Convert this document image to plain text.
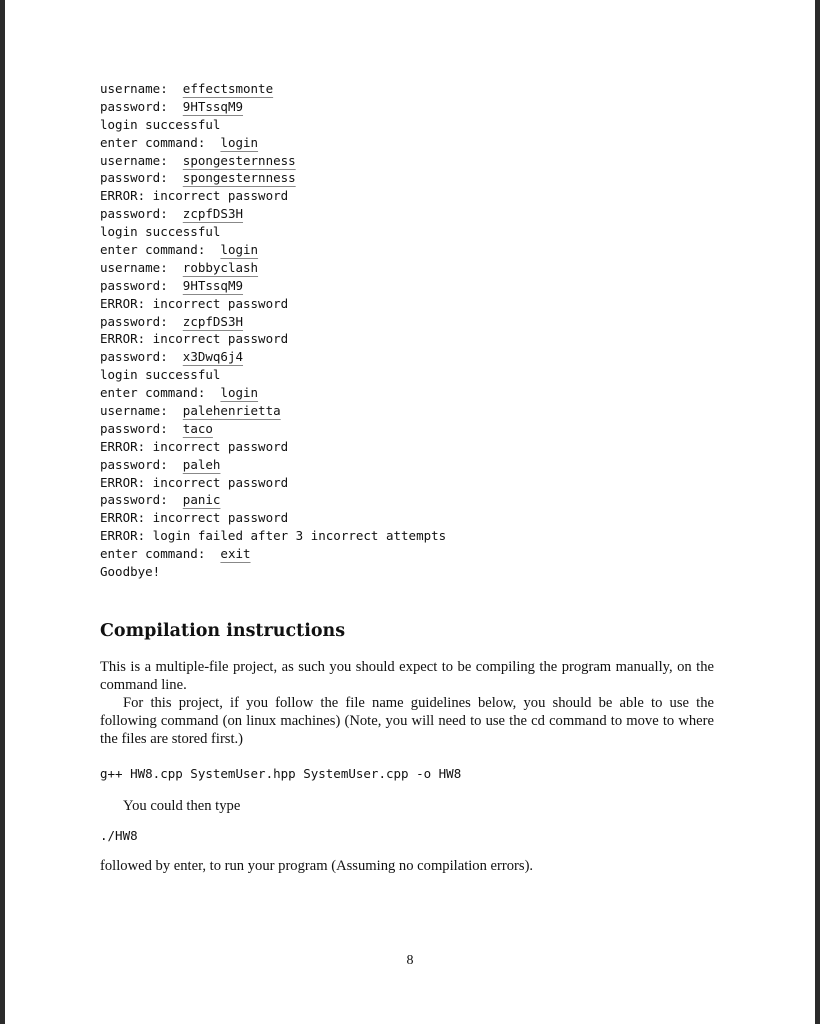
username:  effectsmonte
password:  9HTssqM9
login successful
enter command:  login
username:  spongesternness
password:  spongesternness
ERROR: incorrect password
password:  zcpfDS3H
login successful
enter command:  login
username:  robbyclash
password:  9HTssqM9
ERROR: incorrect password
password:  zcpfDS3H
ERROR: incorrect password
password:  x3Dwq6j4
login successful
enter command:  login
username:  palehenrietta
password:  taco
ERROR: incorrect password
password:  paleh
ERROR: incorrect password
password:  panic
ERROR: incorrect password
ERROR: login failed after 3 incorrect attempts
enter command:  exit
Goodbye!
Compilation instructions

This is a multiple-file project, as such you should expect to be compiling the program manually, on the command line.

For this project, if you follow the file name guidelines below, you should be able to use the following command (on linux machines) (Note, you will need to use the cd command to move to where the files are stored first.)

g++ HW8.cpp SystemUser.hpp SystemUser.cpp -o HW8

You could then type

./HW8

followed by enter, to run your program (Assuming no compilation errors).

8
